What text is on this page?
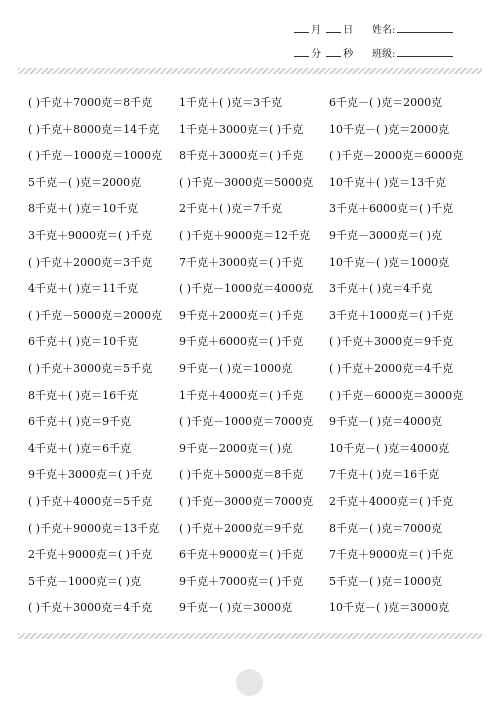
月 日 姓名:
分 秒 班级:
( )千克＋7000克＝8千克	1千克＋( )克＝3千克	6千克－( )克＝2000克
( )千克＋8000克＝14千克	1千克＋3000克＝( )千克	10千克－( )克＝2000克
( )千克－1000克＝1000克	8千克＋3000克＝( )千克	( )千克－2000克＝6000克
5千克－( )克＝2000克	( )千克－3000克＝5000克	10千克＋( )克＝13千克
8千克＋( )克＝10千克	2千克＋( )克＝7千克	3千克＋6000克＝( )千克
3千克＋9000克＝( )千克	( )千克＋9000克＝12千克	9千克－3000克＝( )克
( )千克＋2000克＝3千克	7千克＋3000克＝( )千克	10千克－( )克＝1000克
4千克＋( )克＝11千克	( )千克－1000克＝4000克	3千克＋( )克＝4千克
( )千克－5000克＝2000克	9千克＋2000克＝( )千克	3千克＋1000克＝( )千克
6千克＋( )克＝10千克	9千克＋6000克＝( )千克	( )千克＋3000克＝9千克
( )千克＋3000克＝5千克	9千克－( )克＝1000克	( )千克＋2000克＝4千克
8千克＋( )克＝16千克	1千克＋4000克＝( )千克	( )千克－6000克＝3000克
6千克＋( )克＝9千克	( )千克－1000克＝7000克	9千克－( )克＝4000克
4千克＋( )克＝6千克	9千克－2000克＝( )克	10千克－( )克＝4000克
9千克＋3000克＝( )千克	( )千克＋5000克＝8千克	7千克＋( )克＝16千克
( )千克＋4000克＝5千克	( )千克－3000克＝7000克	2千克＋4000克＝( )千克
( )千克＋9000克＝13千克	( )千克＋2000克＝9千克	8千克－( )克＝7000克
2千克＋9000克＝( )千克	6千克＋9000克＝( )千克	7千克＋9000克＝( )千克
5千克－1000克＝( )克	9千克＋7000克＝( )千克	5千克－( )克＝1000克
( )千克＋3000克＝4千克	9千克－( )克＝3000克	10千克－( )克＝3000克
